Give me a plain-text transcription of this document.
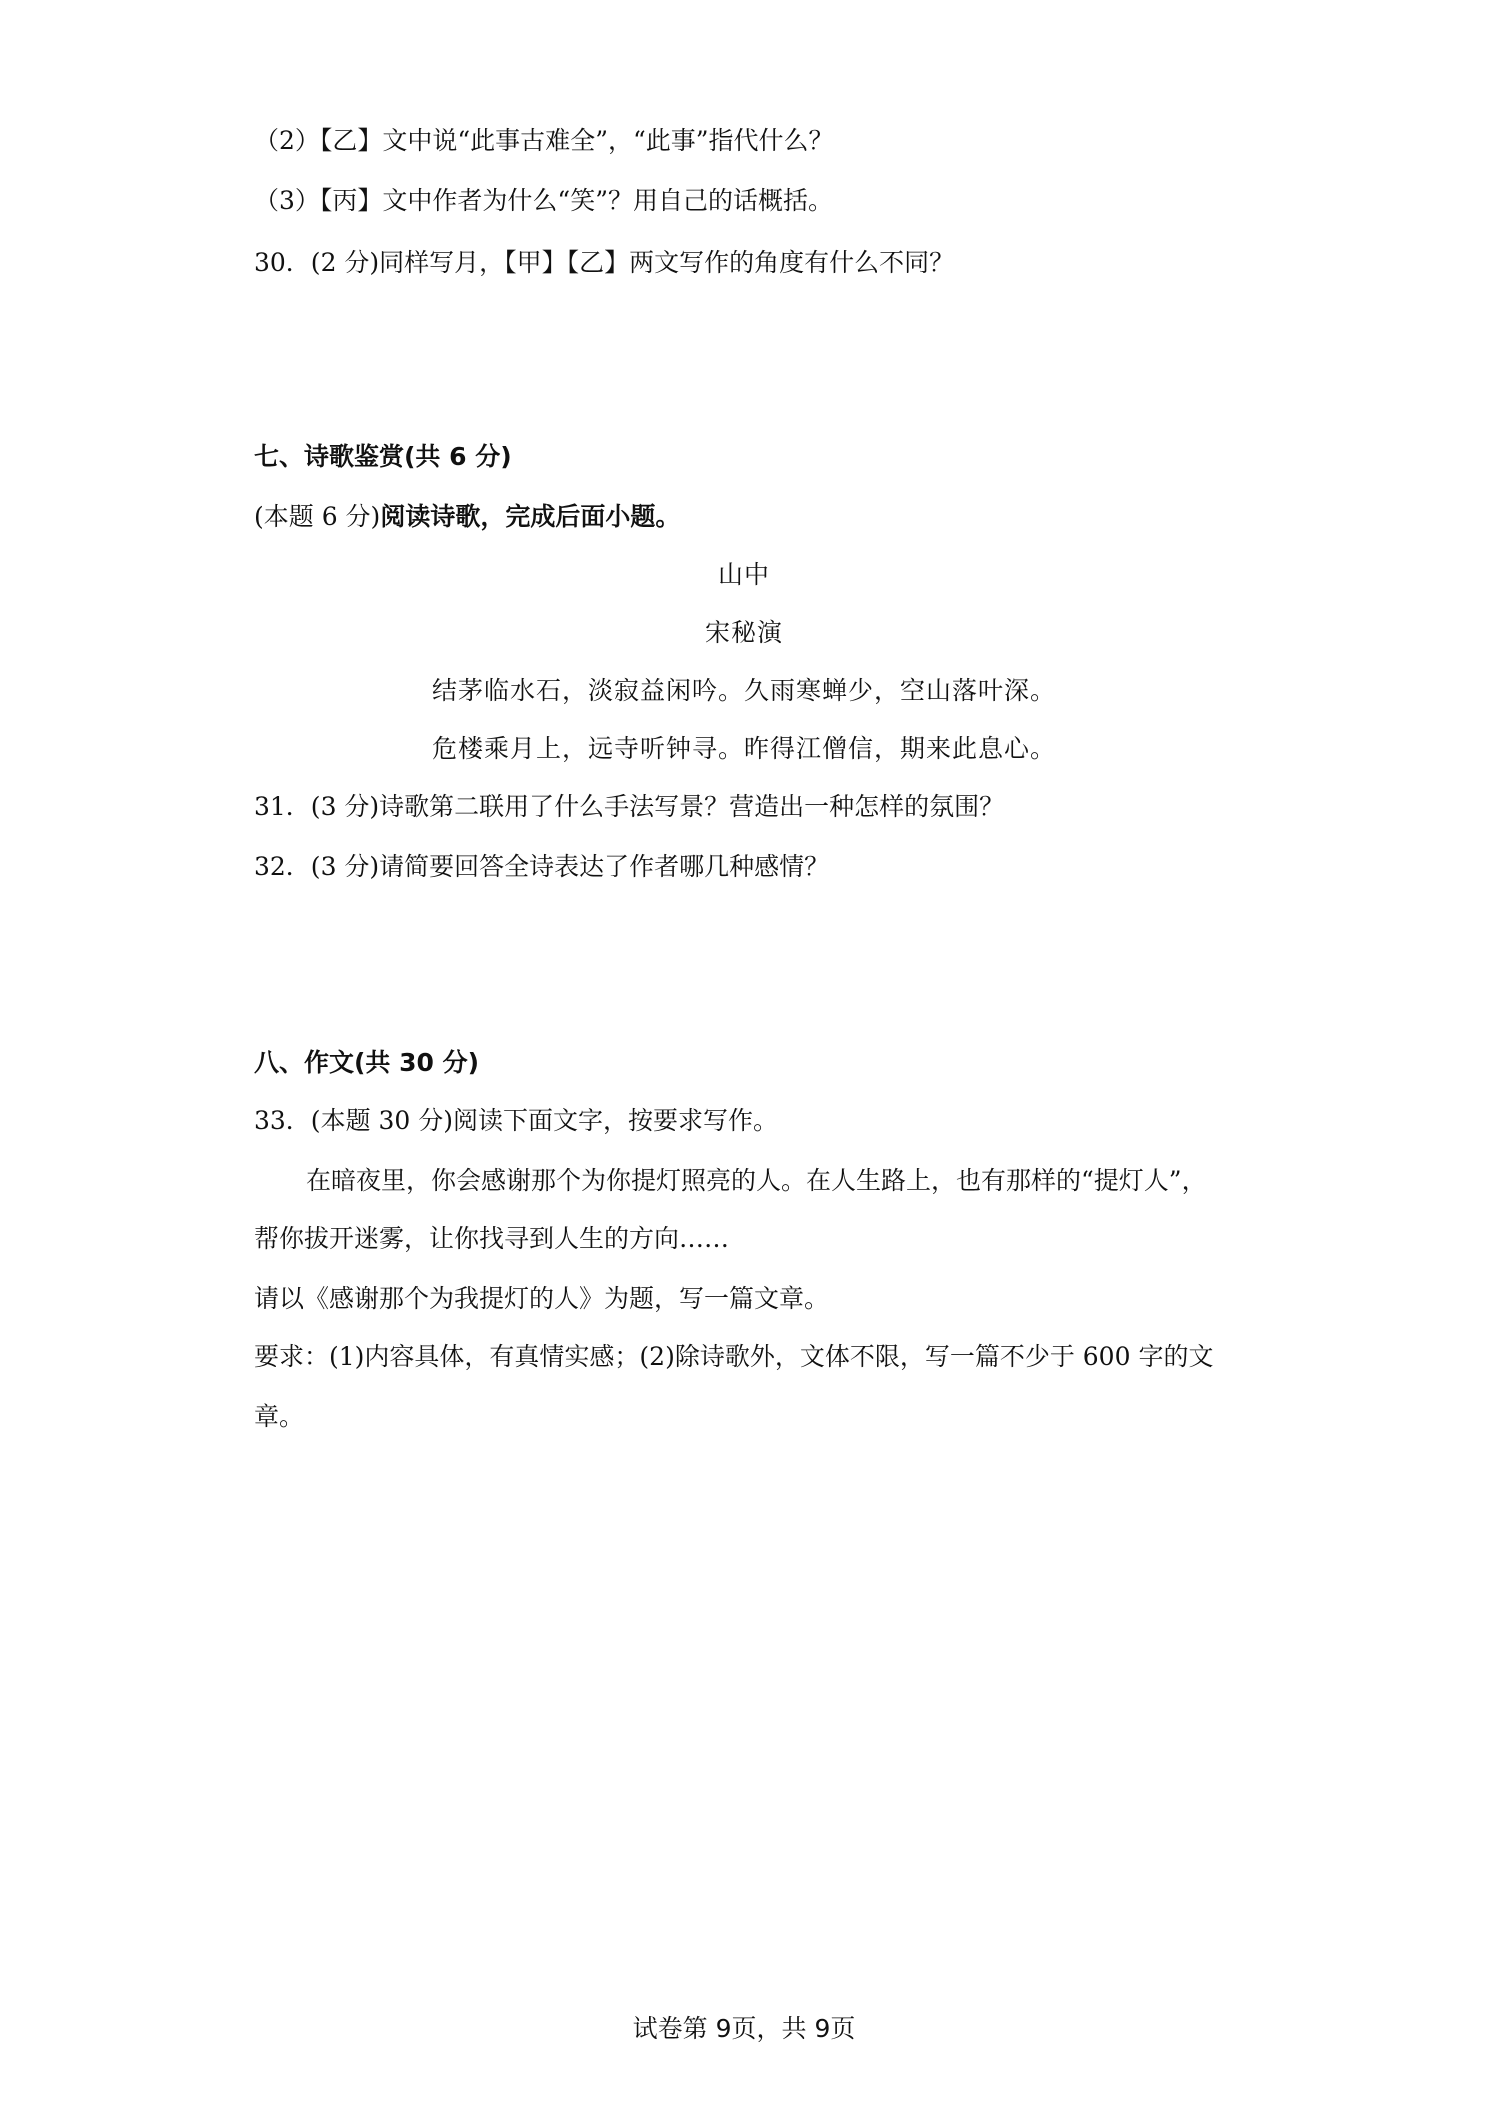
（2）【乙】文中说“此事古难全”，“此事”指代什么？
（3）【丙】文中作者为什么“笑”？用自己的话概括。
30．(2 分)同样写月，【甲】【乙】两文写作的角度有什么不同？
七、诗歌鉴赏(共 6 分)
(本题 6 分)阅读诗歌，完成后面小题。
山中
宋秘演
结茅临水石，淡寂益闲吟。久雨寒蝉少，空山落叶深。
危楼乘月上，远寺听钟寻。昨得江僧信，期来此息心。
31．(3 分)诗歌第二联用了什么手法写景？营造出一种怎样的氛围？
32．(3 分)请简要回答全诗表达了作者哪几种感情？
八、作文(共 30 分)
33．(本题 30 分)阅读下面文字，按要求写作。
在暗夜里，你会感谢那个为你提灯照亮的人。在人生路上，也有那样的“提灯人”，
帮你拔开迷雾，让你找寻到人生的方向……
请以《感谢那个为我提灯的人》为题，写一篇文章。
要求：(1)内容具体，有真情实感；(2)除诗歌外，文体不限，写一篇不少于 600 字的文
章。
试卷第 9页，共 9页
